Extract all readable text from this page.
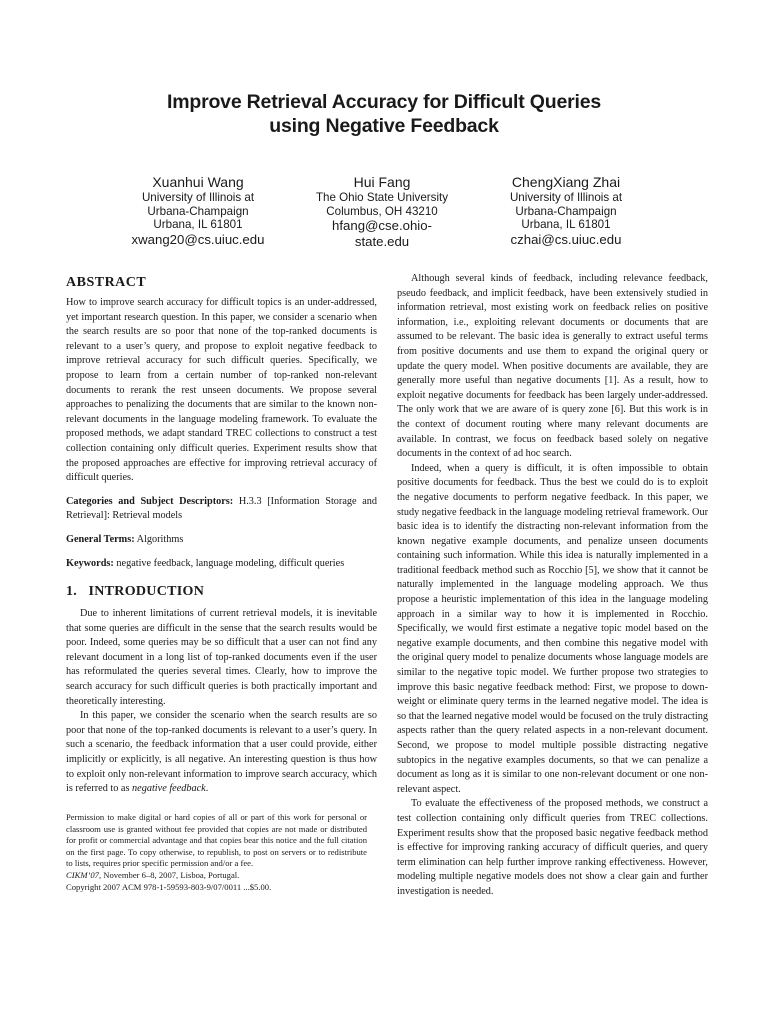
Improve Retrieval Accuracy for Difficult Queries
using Negative Feedback
Xuanhui Wang
University of Illinois at
Urbana-Champaign
Urbana, IL 61801
xwang20@cs.uiuc.edu
Hui Fang
The Ohio State University
Columbus, OH 43210
hfang@cse.ohio-
state.edu
ChengXiang Zhai
University of Illinois at
Urbana-Champaign
Urbana, IL 61801
czhai@cs.uiuc.edu
ABSTRACT

How to improve search accuracy for difficult topics is an under-addressed, yet important research question. In this paper, we consider a scenario when the search results are so poor that none of the top-ranked documents is relevant to a user’s query, and propose to exploit negative feedback to improve retrieval accuracy for such difficult queries. Specifically, we propose to learn from a certain number of top-ranked non-relevant documents to rerank the rest unseen documents. We propose several approaches to penalizing the documents that are similar to the known non-relevant documents in the language modeling framework. To evaluate the proposed methods, we adapt standard TREC collections to construct a test collection containing only difficult queries. Experiment results show that the proposed approaches are effective for improving retrieval accuracy of difficult queries.

Categories and Subject Descriptors: H.3.3 [Information Storage and Retrieval]: Retrieval models

General Terms: Algorithms

Keywords: negative feedback, language modeling, difficult queries

1.   INTRODUCTION

Due to inherent limitations of current retrieval models, it is inevitable that some queries are difficult in the sense that the search results would be poor. Indeed, some queries may be so difficult that a user can not find any relevant document in a long list of top-ranked documents even if the user has reformulated the queries several times. Clearly, how to improve the search accuracy for such difficult queries is both practically important and theoretically interesting.

In this paper, we consider the scenario when the search results are so poor that none of the top-ranked documents is relevant to a user’s query. In such a scenario, the feedback information that a user could provide, either implicitly or explicitly, is all negative. An interesting question is thus how to exploit only non-relevant information to improve search accuracy, which is referred to as negative feedback.

Permission to make digital or hard copies of all or part of this work for personal or classroom use is granted without fee provided that copies are not made or distributed for profit or commercial advantage and that copies bear this notice and the full citation on the first page. To copy otherwise, to republish, to post on servers or to redistribute to lists, requires prior specific permission and/or a fee.

CIKM’07, November 6–8, 2007, Lisboa, Portugal.

Copyright 2007 ACM 978-1-59593-803-9/07/0011 ...$5.00.

Although several kinds of feedback, including relevance feedback, pseudo feedback, and implicit feedback, have been extensively studied in information retrieval, most existing work on feedback relies on positive information, i.e., exploiting relevant documents or documents that are assumed to be relevant. The basic idea is generally to extract useful terms from positive documents and use them to expand the original query or update the query model. When positive documents are available, they are generally more useful than negative documents [1]. As a result, how to exploit negative documents for feedback has been largely under-addressed. The only work that we are aware of is query zone [6]. But this work is in the context of document routing where many relevant documents are available. In contrast, we focus on feedback based solely on negative documents in the context of ad hoc search.

Indeed, when a query is difficult, it is often impossible to obtain positive documents for feedback. Thus the best we could do is to exploit the negative documents to perform negative feedback. In this paper, we study negative feedback in the language modeling retrieval framework. Our basic idea is to identify the distracting non-relevant information from the known negative example documents, and penalize unseen documents containing such information. While this idea is naturally implemented in a traditional feedback method such as Rocchio [5], we show that it cannot be naturally implemented in the language modeling approach. We thus propose a heuristic implementation of this idea in the language modeling approach in a similar way to how it is implemented in Rocchio. Specifically, we would first estimate a negative topic model based on the negative example documents, and then combine this negative model with the original query model to penalize documents whose language models are similar to the negative topic model. We further propose two strategies to improve this basic negative feedback method: First, we propose to down-weight or eliminate query terms in the learned negative model. The idea is so that the learned negative model would be focused on the truly distracting aspects rather than the query related aspects in a non-relevant document. Second, we propose to model multiple possible distracting negative subtopics in the negative examples documents, so that we can penalize a document as long as it is similar to one non-relevant document or one non-relevant aspect.

To evaluate the effectiveness of the proposed methods, we construct a test collection containing only difficult queries from TREC collections. Experiment results show that the proposed basic negative feedback method is effective for improving ranking accuracy of difficult queries, and query term elimination can help further improve ranking effectiveness. However, modeling multiple negative models does not show a clear gain and further investigation is needed.
